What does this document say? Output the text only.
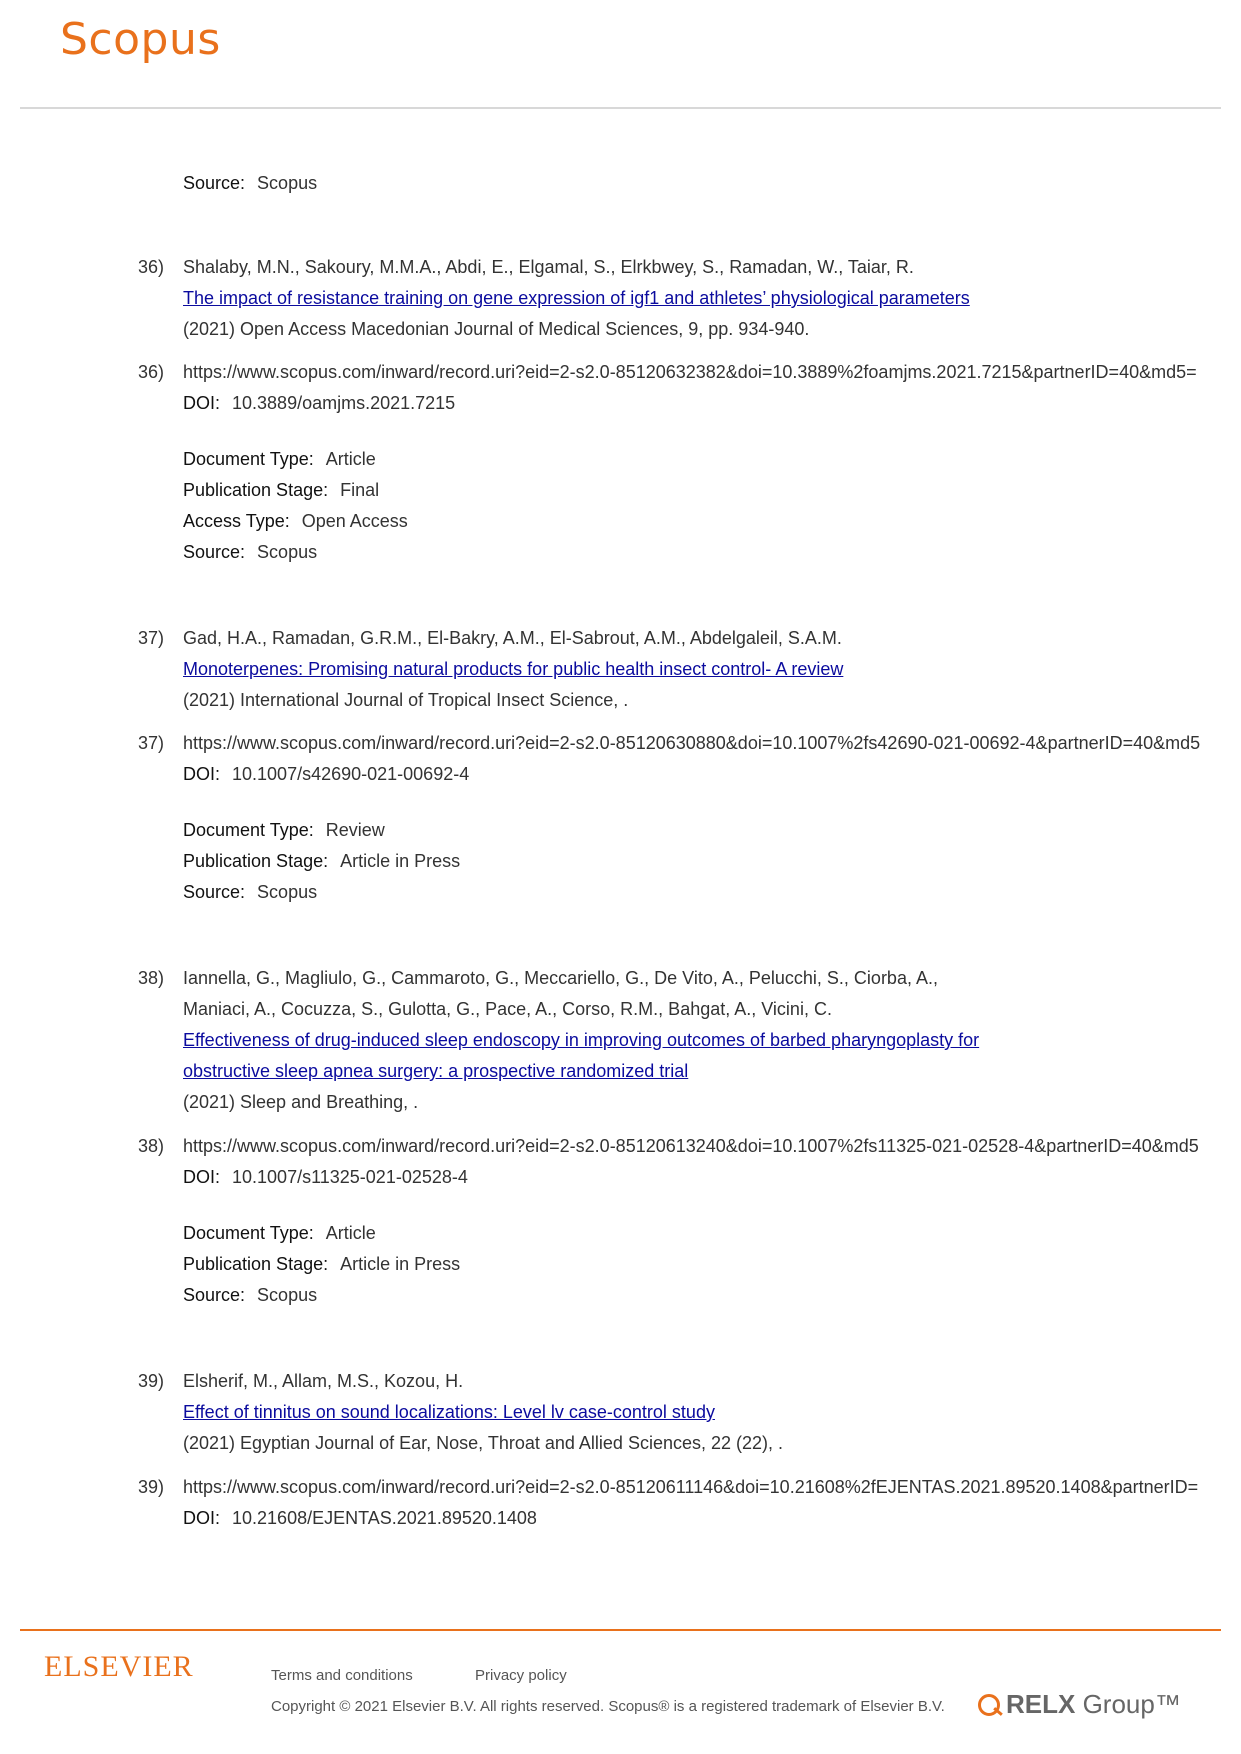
Scopus
Source: Scopus
36) Shalaby, M.N., Sakoury, M.M.A., Abdi, E., Elgamal, S., Elrkbwey, S., Ramadan, W., Taiar, R.
The impact of resistance training on gene expression of igf1 and athletes’ physiological parameters
(2021) Open Access Macedonian Journal of Medical Sciences, 9, pp. 934-940.
36) https://www.scopus.com/inward/record.uri?eid=2-s2.0-85120632382&doi=10.3889%2foamjms.2021.7215&partnerID=40&md5=
DOI: 10.3889/oamjms.2021.7215
Document Type: Article
Publication Stage: Final
Access Type: Open Access
Source: Scopus
37) Gad, H.A., Ramadan, G.R.M., El-Bakry, A.M., El-Sabrout, A.M., Abdelgaleil, S.A.M.
Monoterpenes: Promising natural products for public health insect control- A review
(2021) International Journal of Tropical Insect Science, .
37) https://www.scopus.com/inward/record.uri?eid=2-s2.0-85120630880&doi=10.1007%2fs42690-021-00692-4&partnerID=40&md5
DOI: 10.1007/s42690-021-00692-4
Document Type: Review
Publication Stage: Article in Press
Source: Scopus
38) Iannella, G., Magliulo, G., Cammaroto, G., Meccariello, G., De Vito, A., Pelucchi, S., Ciorba, A.,
Maniaci, A., Cocuzza, S., Gulotta, G., Pace, A., Corso, R.M., Bahgat, A., Vicini, C.
Effectiveness of drug-induced sleep endoscopy in improving outcomes of barbed pharyngoplasty for
obstructive sleep apnea surgery: a prospective randomized trial
(2021) Sleep and Breathing, .
38) https://www.scopus.com/inward/record.uri?eid=2-s2.0-85120613240&doi=10.1007%2fs11325-021-02528-4&partnerID=40&md5
DOI: 10.1007/s11325-021-02528-4
Document Type: Article
Publication Stage: Article in Press
Source: Scopus
39) Elsherif, M., Allam, M.S., Kozou, H.
Effect of tinnitus on sound localizations: Level lv case-control study
(2021) Egyptian Journal of Ear, Nose, Throat and Allied Sciences, 22 (22), .
39) https://www.scopus.com/inward/record.uri?eid=2-s2.0-85120611146&doi=10.21608%2fEJENTAS.2021.89520.1408&partnerID=
DOI: 10.21608/EJENTAS.2021.89520.1408
ELSEVIER	Terms and conditions	Privacy policy
Copyright © 2021 Elsevier B.V. All rights reserved. Scopus® is a registered trademark of Elsevier B.V. RELX Group™
